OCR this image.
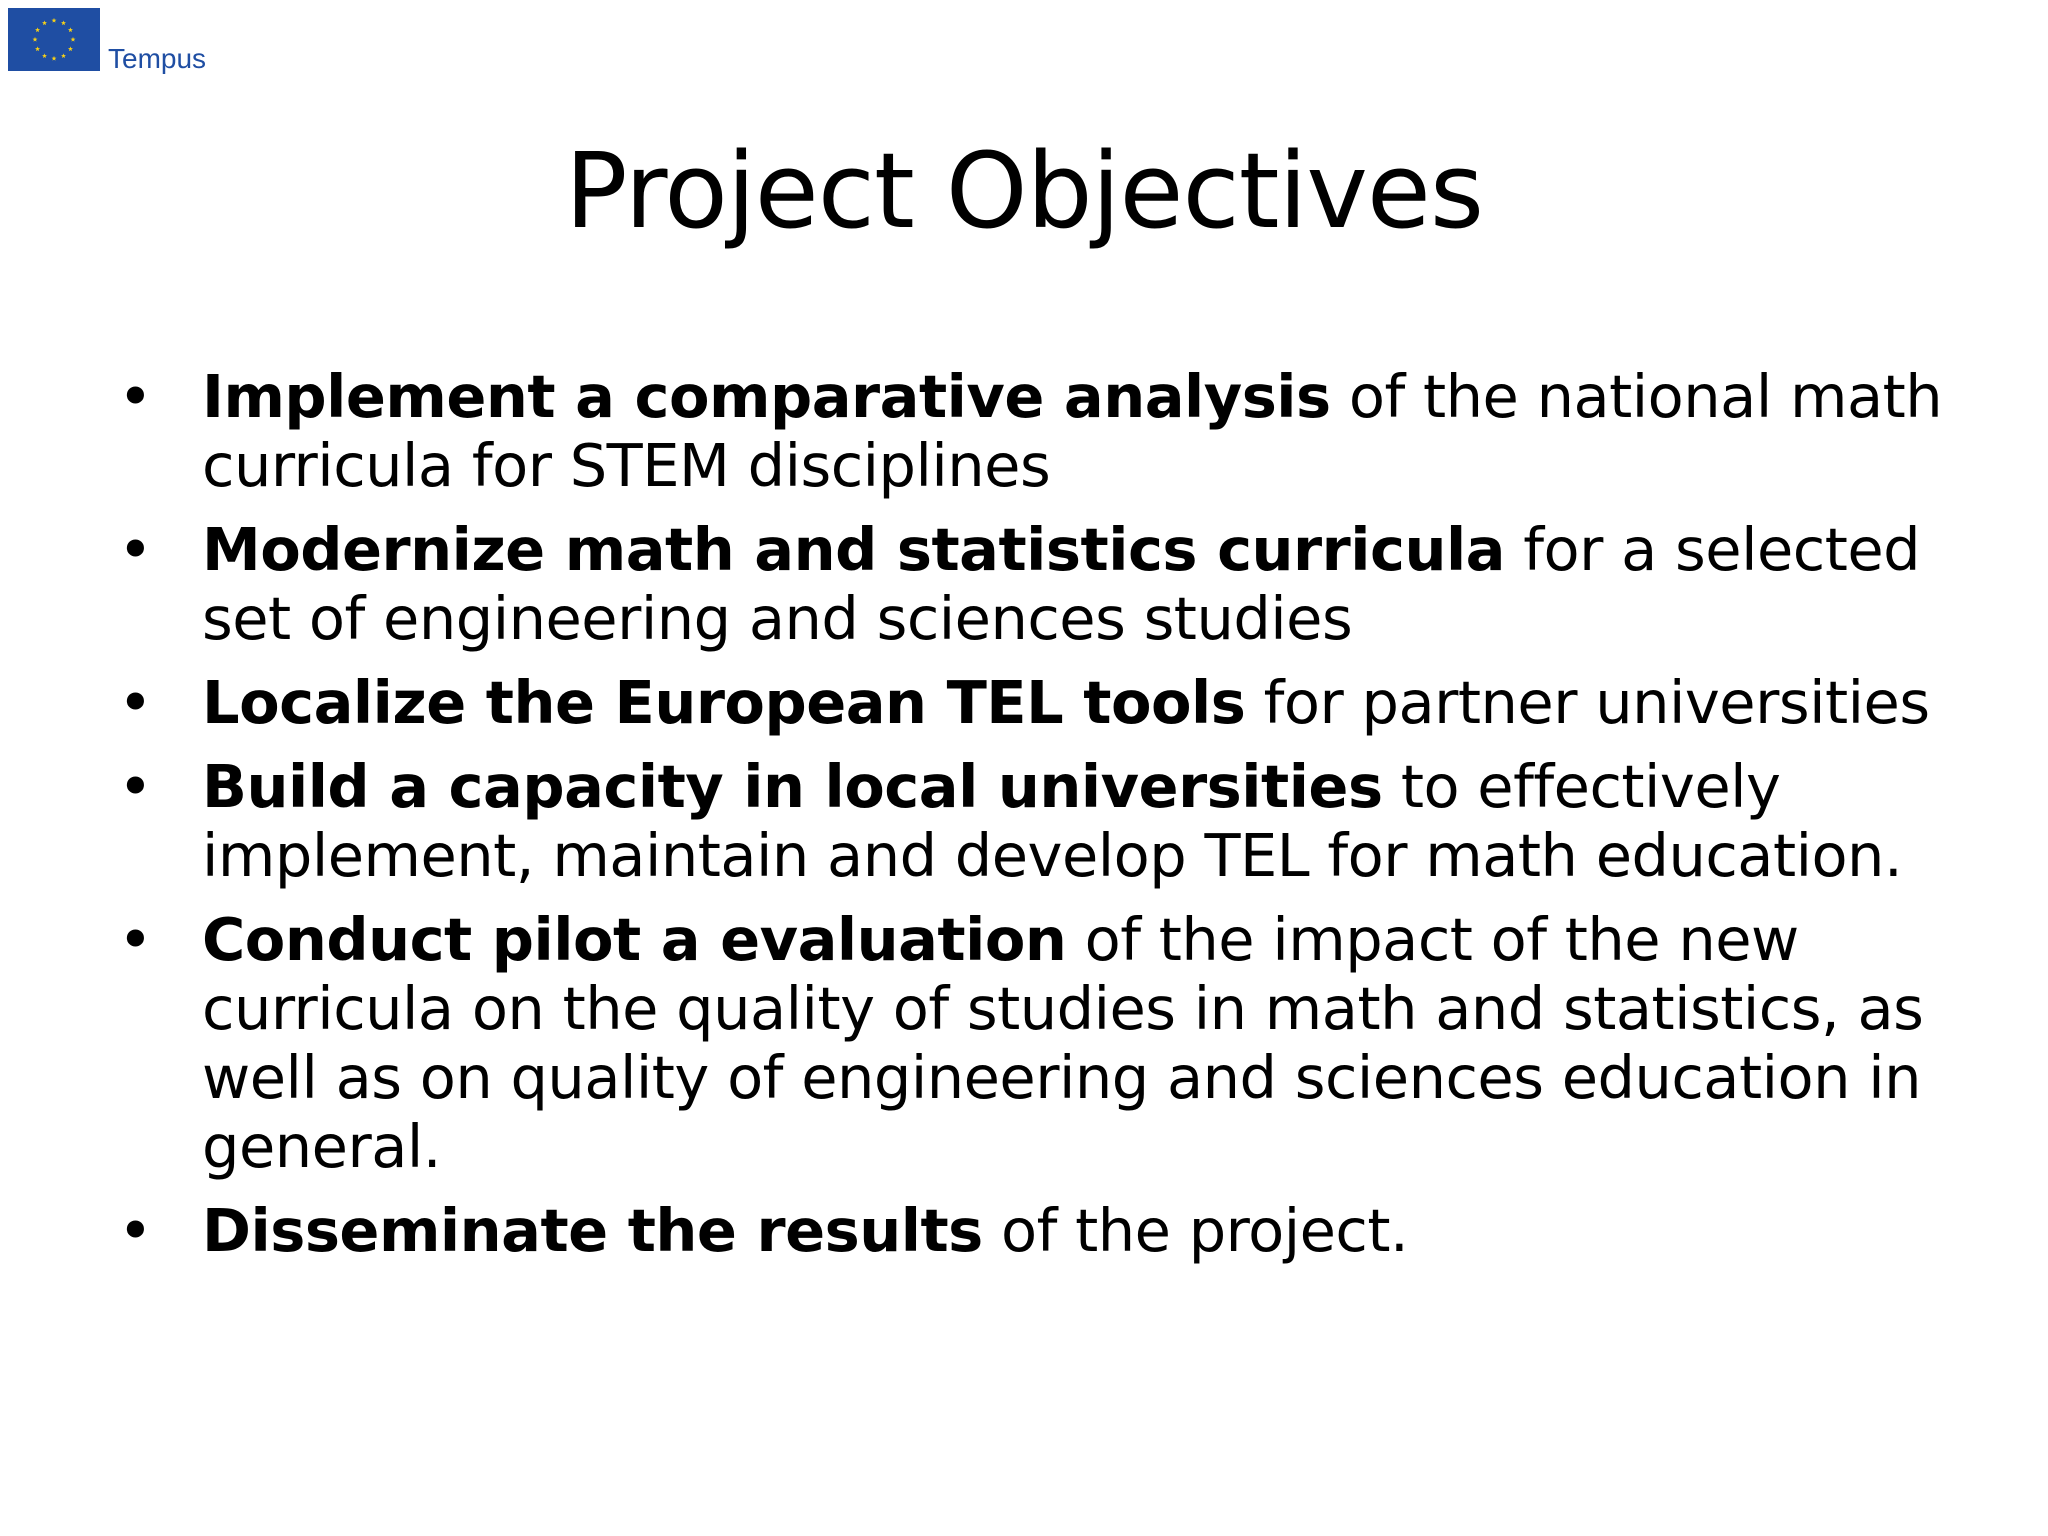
Tempus
Project Objectives
• Implement a comparative analysis of the national math curricula for STEM disciplines
• Modernize math and statistics curricula for a selected set of engineering and sciences studies
• Localize the European TEL tools for partner universities
• Build a capacity in local universities to effectively implement, maintain and develop TEL for math education.
• Conduct pilot a evaluation of the impact of the new curricula on the quality of studies in math and statistics, as well as on quality of engineering and sciences education in general.
• Disseminate the results of the project.
